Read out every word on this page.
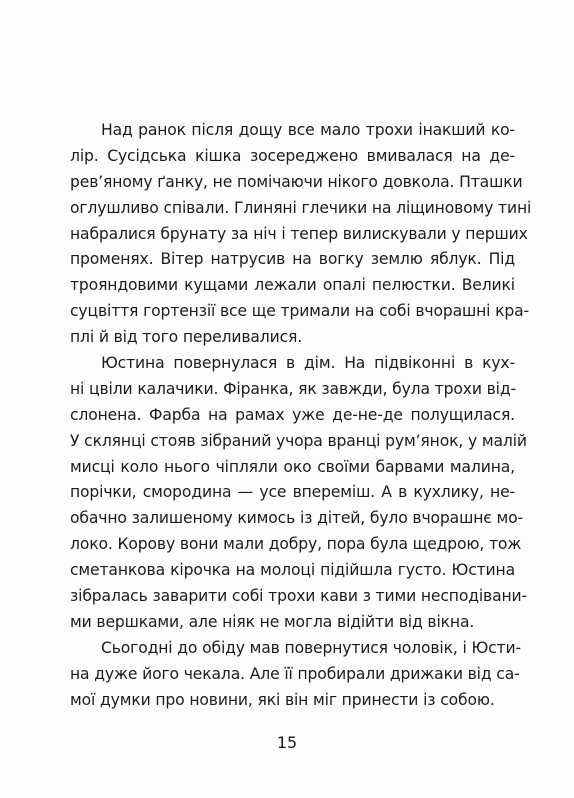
Над ранок після дощу все мало трохи інакший ко-
лір. Сусідська кішка зосереджено вмивалася на де-
рев’яному ґанку, не помічаючи нікого довкола. Пташки
оглушливо співали. Глиняні глечики на ліщиновому тині
набралися брунату за ніч і тепер вилискували у перших
променях. Вітер натрусив на вогку землю яблук. Під
трояндовими кущами лежали опалі пелюстки. Великі
суцвіття гортензії все ще тримали на собі вчорашні кра-
плі й від того переливалися.
Юстина повернулася в дім. На підвіконні в кух-
ні цвіли калачики. Фіранка, як завжди, була трохи від-
слонена. Фарба на рамах уже де-не-де полущилася.
У склянці стояв зібраний учора вранці рум’янок, у малій
мисці коло нього чіпляли око своїми барвами малина,
порічки, смородина — усе впереміш. А в кухлику, не-
обачно залишеному кимось із дітей, було вчорашнє мо-
локо. Корову вони мали добру, пора була щедрою, тож
сметанкова кірочка на молоці підійшла густо. Юстина
зібралась заварити собі трохи кави з тими несподівани-
ми вершками, але ніяк не могла відійти від вікна.
Сьогодні до обіду мав повернутися чоловік, і Юсти-
на дуже його чекала. Але її пробирали дрижаки від са-
мої думки про новини, які він міг принести із собою.
15
